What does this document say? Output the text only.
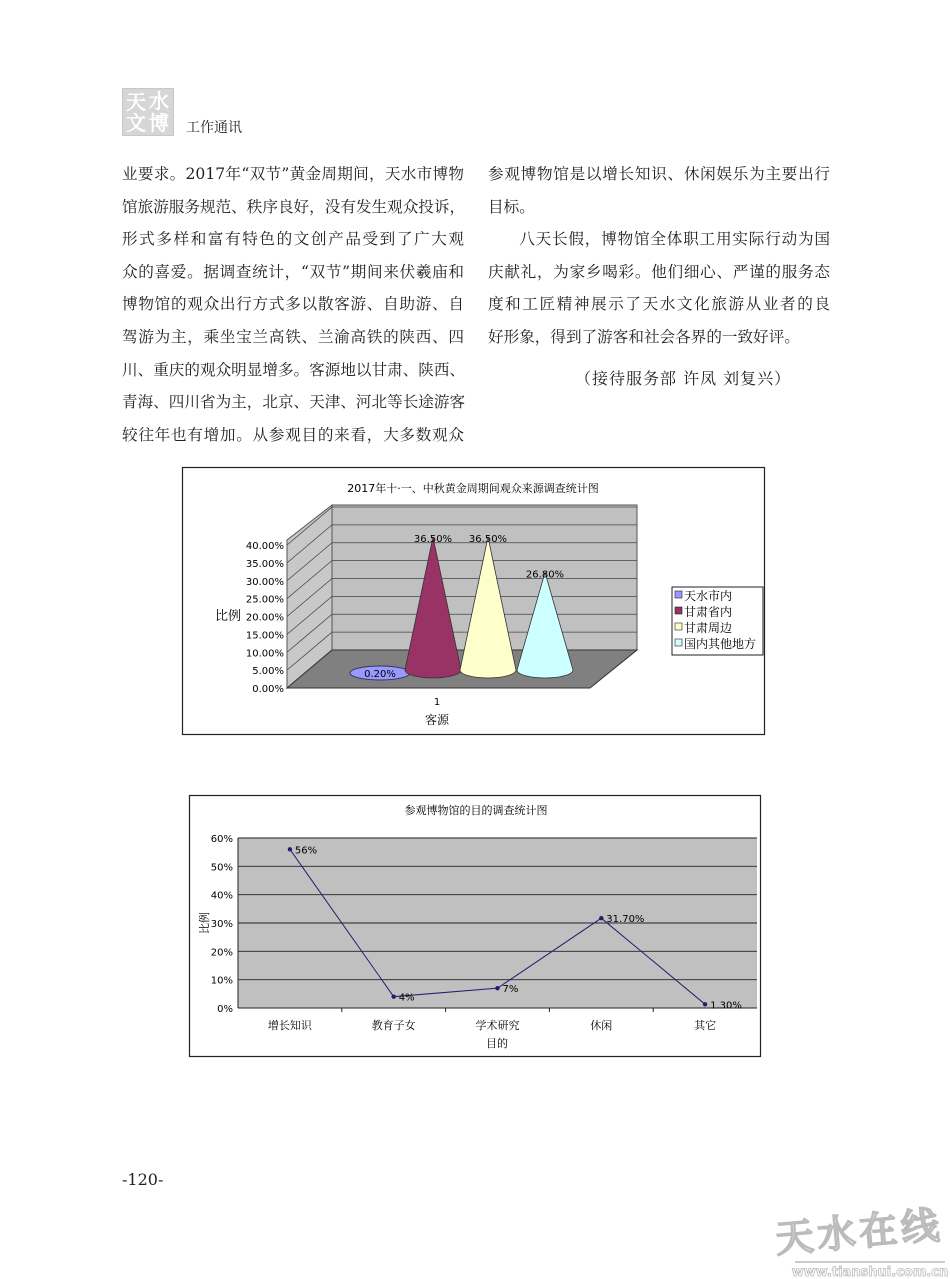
天 水
文 博 工作通讯
业要求。2017年“双节”黄金周期间，天水市博物
馆旅游服务规范、秩序良好，没有发生观众投诉，
形式多样和富有特色的文创产品受到了广大观
众的喜爱。据调查统计，“双节”期间来伏羲庙和
博物馆的观众出行方式多以散客游、自助游、自
驾游为主，乘坐宝兰高铁、兰渝高铁的陕西、四
川、重庆的观众明显增多。客源地以甘肃、陕西、
青海、四川省为主，北京、天津、河北等长途游客
较往年也有增加。从参观目的来看，大多数观众
参观博物馆是以增长知识、休闲娱乐为主要出行
目标。
八天长假，博物馆全体职工用实际行动为国
庆献礼，为家乡喝彩。他们细心、严谨的服务态
度和工匠精神展示了天水文化旅游从业者的良
好形象，得到了游客和社会各界的一致好评。
（接待服务部 许凤 刘复兴）
2017年十·一、中秋黄金周期间观众来源调查统计图
0.00%
5.00%
10.00%
15.00%
20.00%
25.00%
30.00%
35.00%
40.00%
比例
1
客源
0.20%
36.50% 36.50%
26.80%
天水市内
甘肃省内
甘肃周边
国内其他地方
参观博物馆的目的调查统计图
0%
10%
20%
30%
40%
50%
60%
56%
增长知识
4%
教育子女
7%
学术研究
31.70%
休闲
1.30%
其它
目的
比例
-120-
天水在线
www.tianshui.com.cn
